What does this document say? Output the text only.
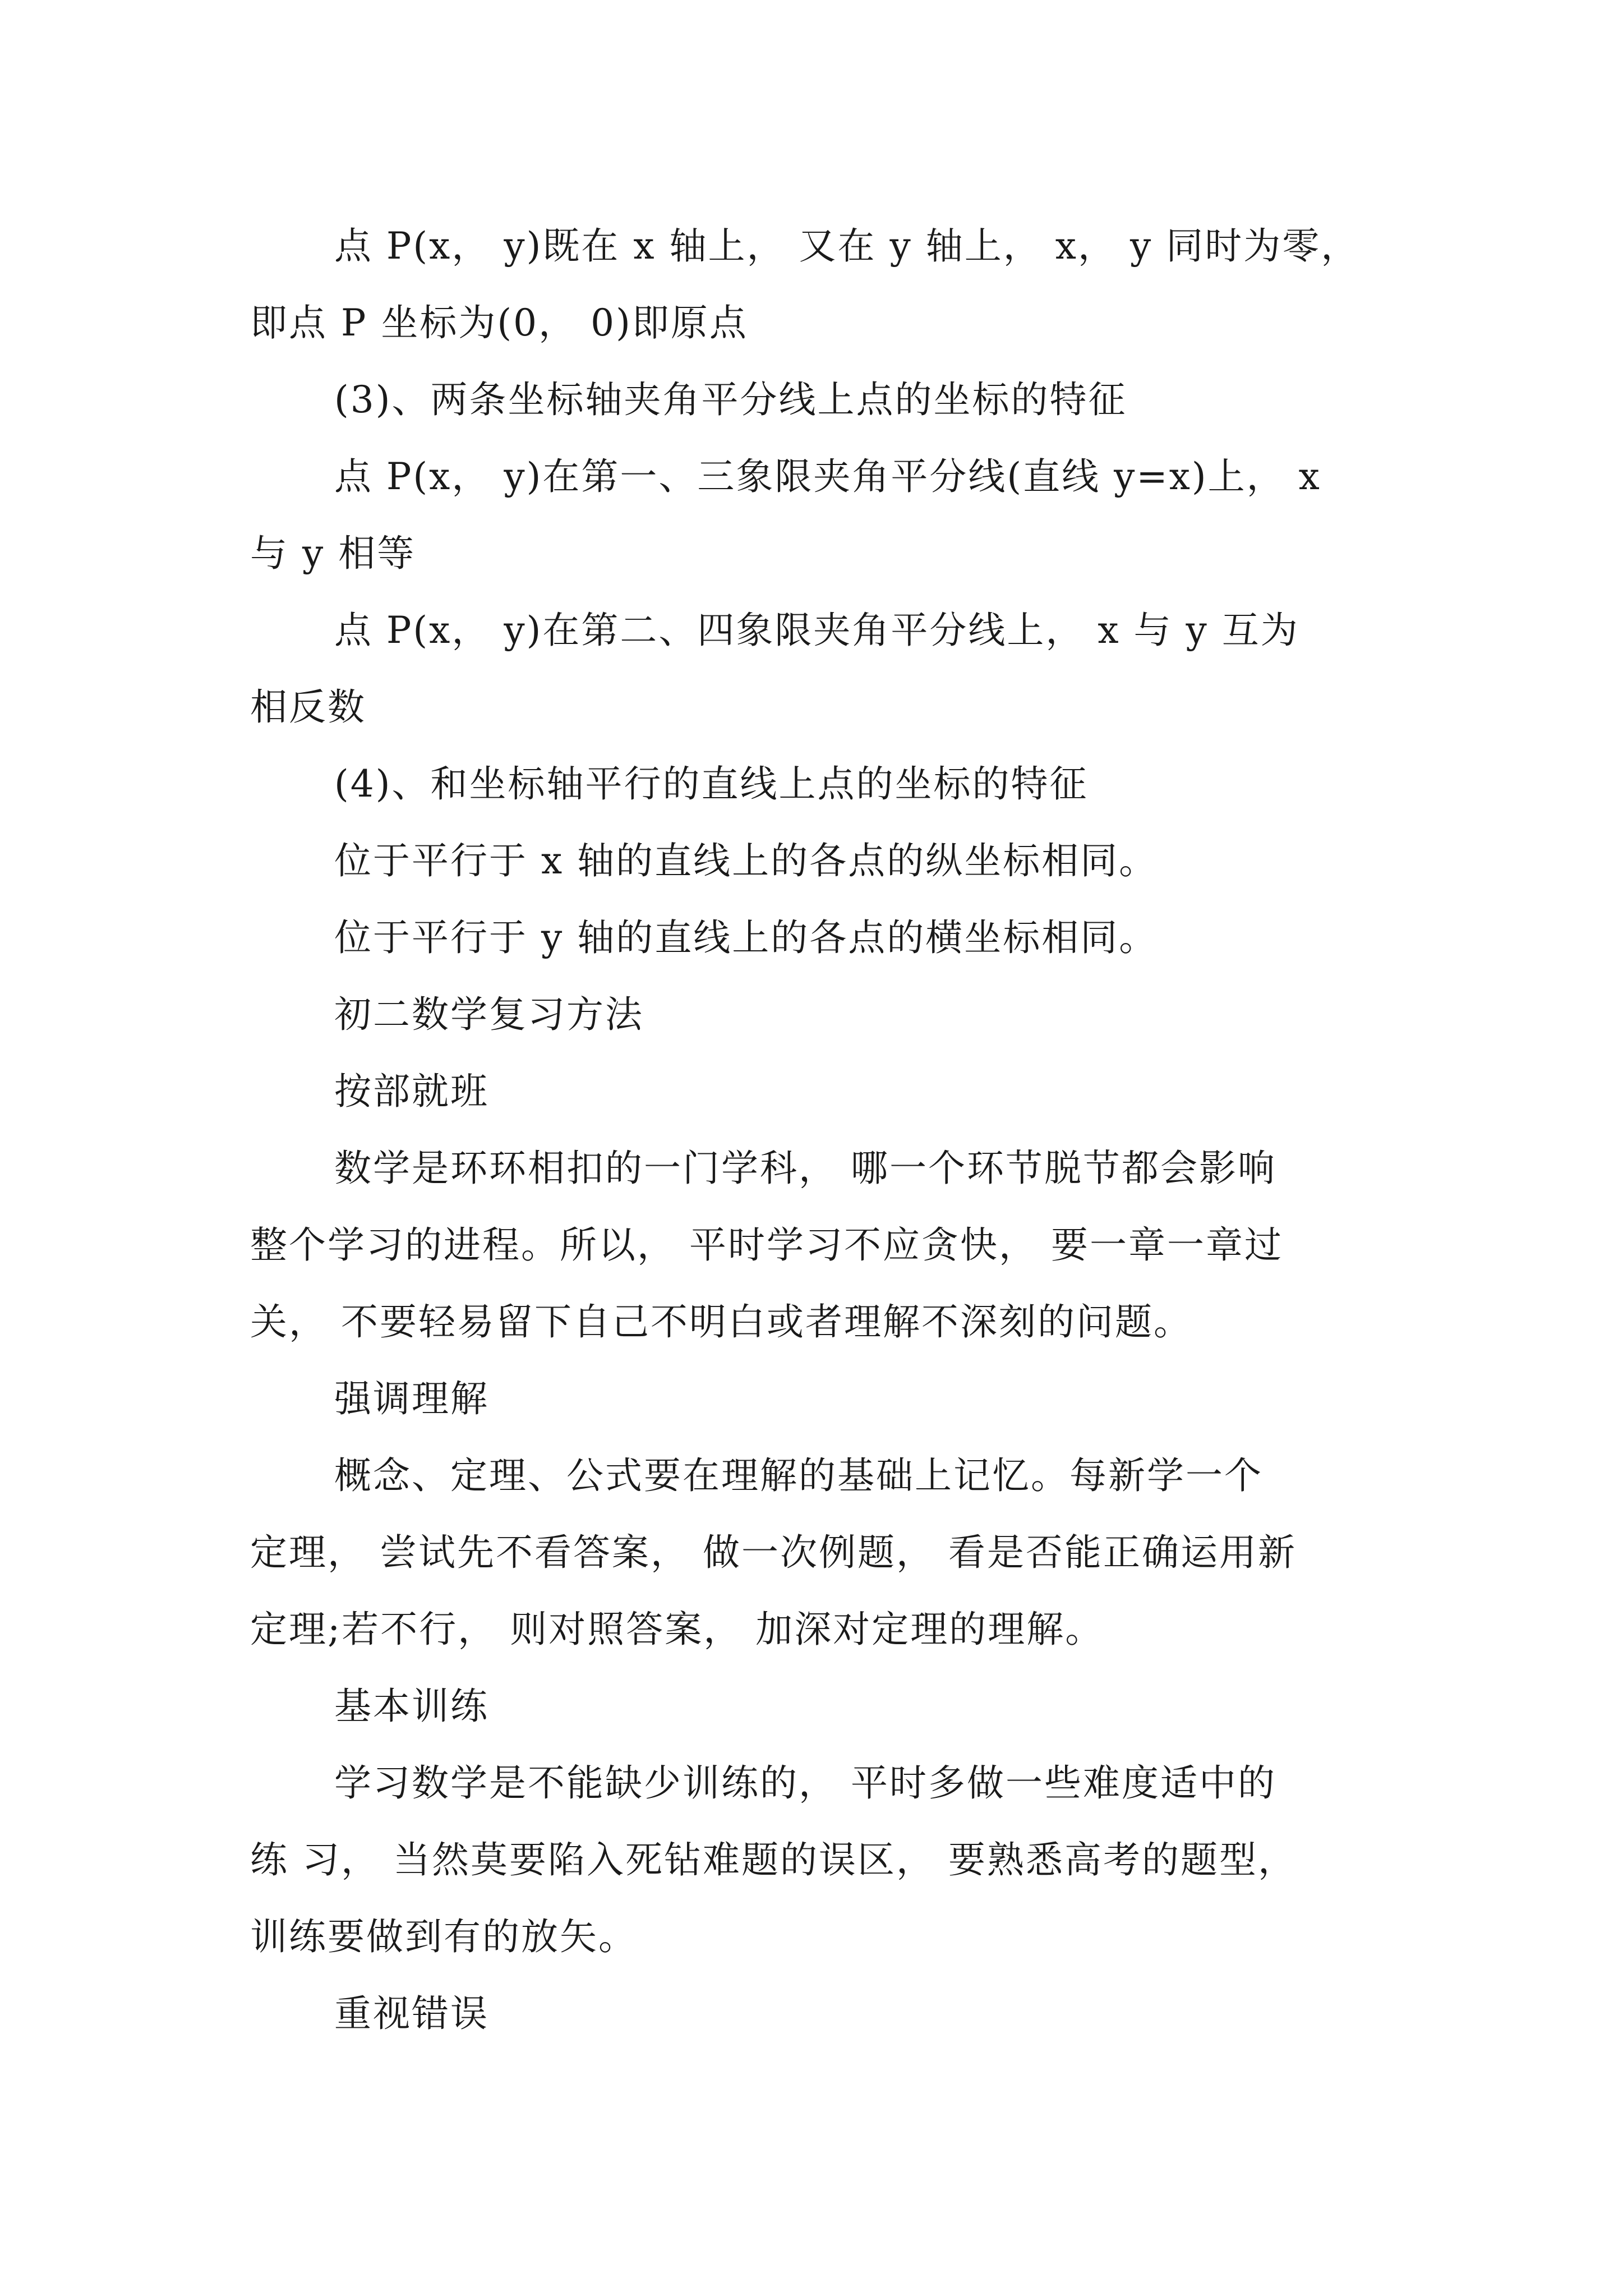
点 P(x， y)既在 x 轴上， 又在 y 轴上， x， y 同时为零，
即点 P 坐标为(0， 0)即原点

(3)、两条坐标轴夹角平分线上点的坐标的特征

点 P(x， y)在第一、三象限夹角平分线(直线 y=x)上， x
与 y 相等

点 P(x， y)在第二、四象限夹角平分线上， x 与 y 互为
相反数

(4)、和坐标轴平行的直线上点的坐标的特征

位于平行于 x 轴的直线上的各点的纵坐标相同。

位于平行于 y 轴的直线上的各点的横坐标相同。

初二数学复习方法

按部就班

数学是环环相扣的一门学科， 哪一个环节脱节都会影响
整个学习的进程。所以， 平时学习不应贪快， 要一章一章过
关， 不要轻易留下自己不明白或者理解不深刻的问题。

强调理解

概念、定理、公式要在理解的基础上记忆。每新学一个
定理， 尝试先不看答案， 做一次例题， 看是否能正确运用新
定理;若不行， 则对照答案， 加深对定理的理解。

基本训练

学习数学是不能缺少训练的， 平时多做一些难度适中的
练 习， 当然莫要陷入死钻难题的误区， 要熟悉高考的题型，
训练要做到有的放矢。

重视错误
